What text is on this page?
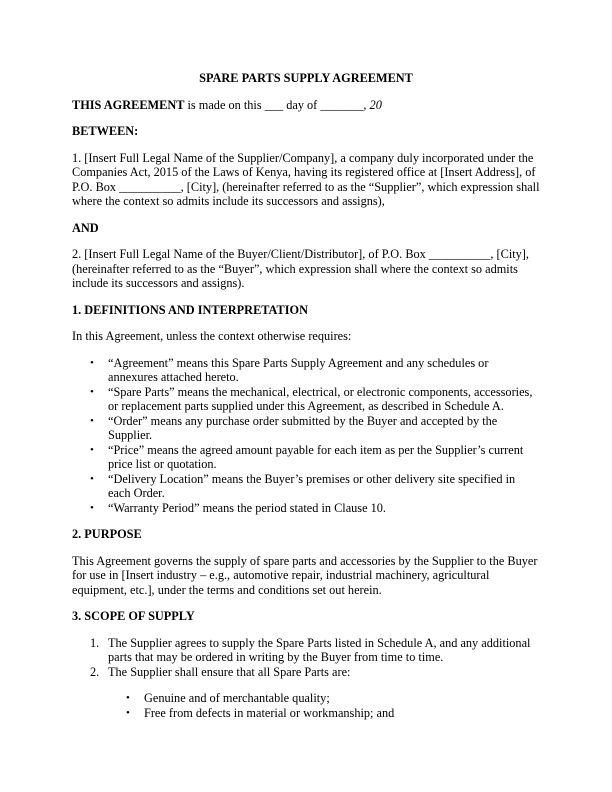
SPARE PARTS SUPPLY AGREEMENT

THIS AGREEMENT is made on this ___ day of _______, 20

BETWEEN:

1. [Insert Full Legal Name of the Supplier/Company], a company duly incorporated under the Companies Act, 2015 of the Laws of Kenya, having its registered office at [Insert Address], of P.O. Box __________, [City], (hereinafter referred to as the “Supplier”, which expression shall where the context so admits include its successors and assigns),

AND

2. [Insert Full Legal Name of the Buyer/Client/Distributor], of P.O. Box __________, [City], (hereinafter referred to as the “Buyer”, which expression shall where the context so admits include its successors and assigns).

1. DEFINITIONS AND INTERPRETATION

In this Agreement, unless the context otherwise requires:

•	“Agreement” means this Spare Parts Supply Agreement and any schedules or annexures attached hereto.
•	“Spare Parts” means the mechanical, electrical, or electronic components, accessories, or replacement parts supplied under this Agreement, as described in Schedule A.
•	“Order” means any purchase order submitted by the Buyer and accepted by the Supplier.
•	“Price” means the agreed amount payable for each item as per the Supplier’s current price list or quotation.
•	“Delivery Location” means the Buyer’s premises or other delivery site specified in each Order.
•	“Warranty Period” means the period stated in Clause 10.

2. PURPOSE

This Agreement governs the supply of spare parts and accessories by the Supplier to the Buyer for use in [Insert industry – e.g., automotive repair, industrial machinery, agricultural equipment, etc.], under the terms and conditions set out herein.

3. SCOPE OF SUPPLY

1. The Supplier agrees to supply the Spare Parts listed in Schedule A, and any additional parts that may be ordered in writing by the Buyer from time to time.
2. The Supplier shall ensure that all Spare Parts are:
•	Genuine and of merchantable quality;
•	Free from defects in material or workmanship; and
